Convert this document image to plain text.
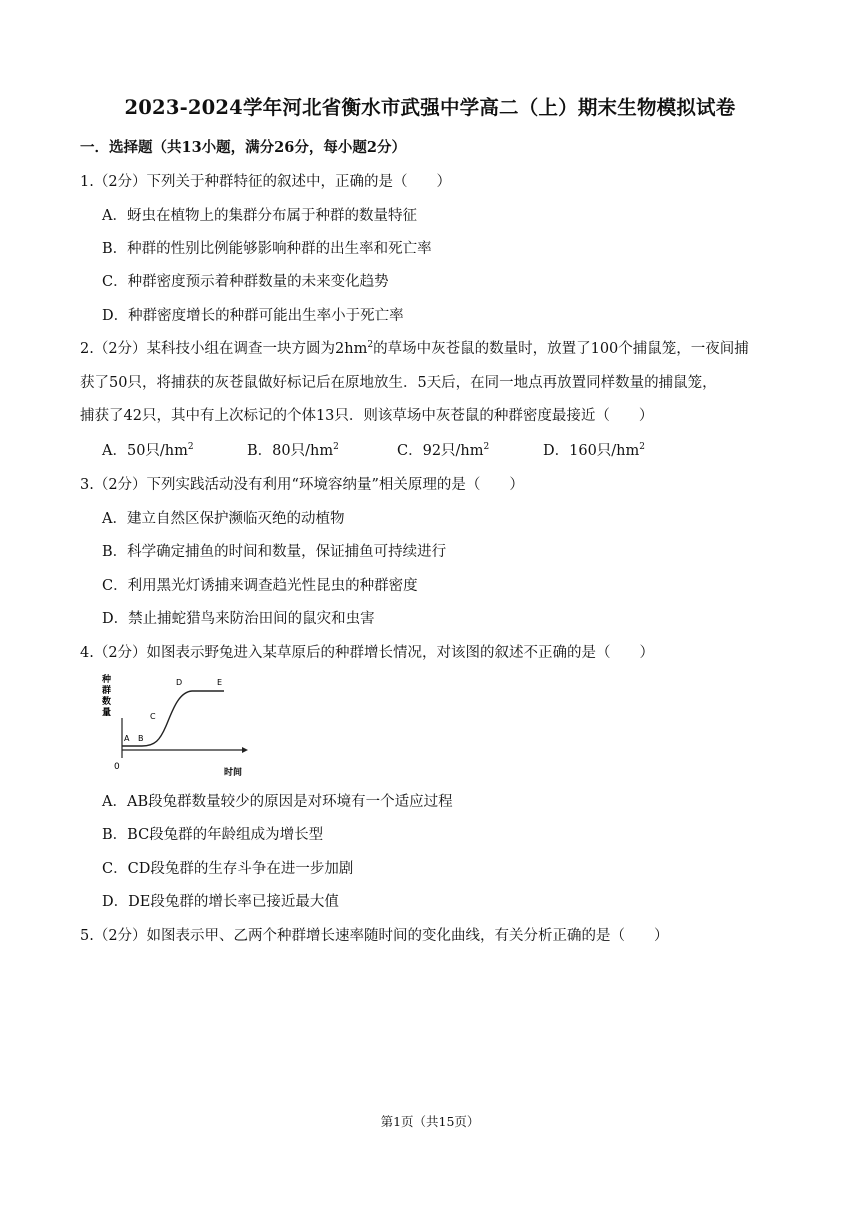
2023-2024学年河北省衡水市武强中学高二（上）期末生物模拟试卷
一．选择题（共13小题，满分26分，每小题2分）
1.（2分）下列关于种群特征的叙述中，正确的是（　　）
A．蚜虫在植物上的集群分布属于种群的数量特征
B．种群的性别比例能够影响种群的出生率和死亡率
C．种群密度预示着种群数量的未来变化趋势
D．种群密度增长的种群可能出生率小于死亡率
2.（2分）某科技小组在调查一块方圆为$2hm^2$的草场中灰苍鼠的数量时，放置了100个捕鼠笼，一夜间捕
获了50只，将捕获的灰苍鼠做好标记后在原地放生．5天后，在同一地点再放置同样数量的捕鼠笼，
捕获了42只，其中有上次标记的个体13只．则该草场中灰苍鼠的种群密度最接近（　　）
A．50只$/hm^2$	B．80只$/hm^2$	C．92只$/hm^2$	D．160只$/hm^2$
3.（2分）下列实践活动没有利用“环境容纳量”相关原理的是（　　）
A．建立自然区保护濒临灭绝的动植物
B．科学确定捕鱼的时间和数量，保证捕鱼可持续进行
C．利用黑光灯诱捕来调查趋光性昆虫的种群密度
D．禁止捕蛇猎鸟来防治田间的鼠灾和虫害
4.（2分）如图表示野兔进入某草原后的种群增长情况，对该图的叙述不正确的是（　　）
种
群
数
量
A B
C
D	E
0
时间
A．AB段兔群数量较少的原因是对环境有一个适应过程
B．BC段兔群的年龄组成为增长型
C．CD段兔群的生存斗争在进一步加剧
D．DE段兔群的增长率已接近最大值
5.（2分）如图表示甲、乙两个种群增长速率随时间的变化曲线，有关分析正确的是（　　）
第1页（共15页）
